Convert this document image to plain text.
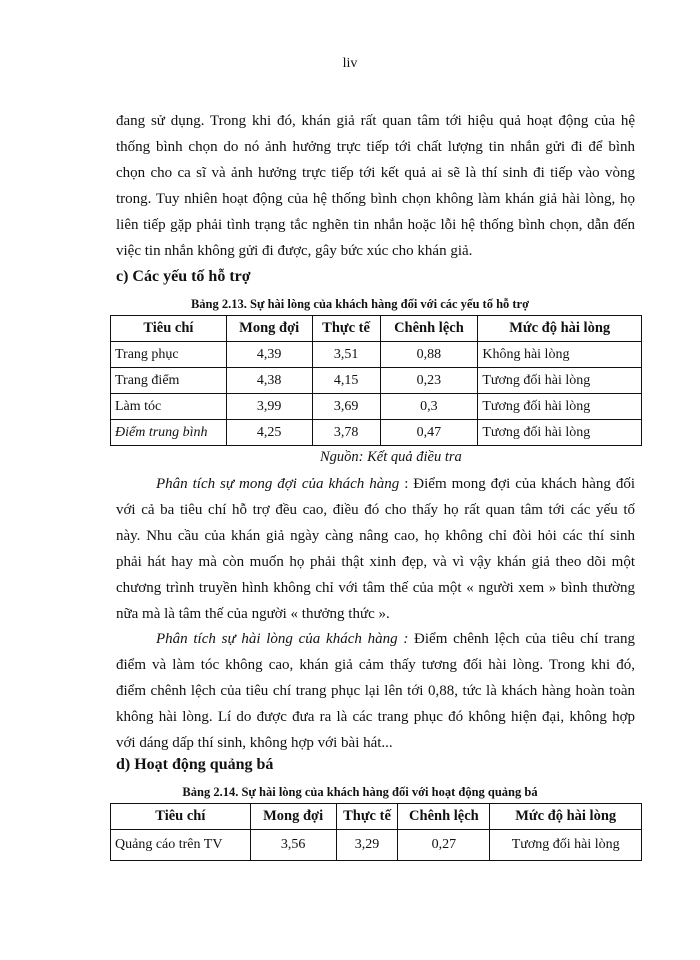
liv
đang sử dụng. Trong khi đó, khán giả rất quan tâm tới hiệu quả hoạt động của hệ
thống bình chọn do nó ảnh hưởng trực tiếp tới chất lượng tin nhắn gửi đi để bình
chọn cho ca sĩ và ảnh hưởng trực tiếp tới kết quả ai sẽ là thí sinh đi tiếp vào vòng
trong. Tuy nhiên hoạt động của hệ thống bình chọn không làm khán giả hài lòng, họ
liên tiếp gặp phải tình trạng tắc nghẽn tin nhắn hoặc lỗi hệ thống bình chọn, dẫn đến
việc tin nhắn không gửi đi được, gây bức xúc cho khán giả.
c) Các yếu tố hỗ trợ
Bảng 2.13. Sự hài lòng của khách hàng đối với các yếu tố hỗ trợ
Tiêu chí	Mong đợi	Thực tế	Chênh lệch	Mức độ hài lòng
Trang phục	4,39	3,51	0,88	Không hài lòng
Trang điểm	4,38	4,15	0,23	Tương đối hài lòng
Làm tóc	3,99	3,69	0,3	Tương đối hài lòng
Điểm trung bình	4,25	3,78	0,47	Tương đối hài lòng
Nguồn: Kết quả điều tra
Phân tích sự mong đợi của khách hàng : Điểm mong đợi của khách hàng đối
với cả ba tiêu chí hỗ trợ đều cao, điều đó cho thấy họ rất quan tâm tới các yếu tố
này. Nhu cầu của khán giả ngày càng nâng cao, họ không chỉ đòi hỏi các thí sinh
phải hát hay mà còn muốn họ phải thật xinh đẹp, và vì vậy khán giả theo dõi một
chương trình truyền hình không chỉ với tâm thế của một « người xem » bình thường
nữa mà là tâm thế của người « thưởng thức ».
Phân tích sự hài lòng của khách hàng : Điểm chênh lệch của tiêu chí trang
điểm và làm tóc không cao, khán giả cảm thấy tương đối hài lòng. Trong khi đó,
điểm chênh lệch của tiêu chí trang phục lại lên tới 0,88, tức là khách hàng hoàn toàn
không hài lòng. Lí do được đưa ra là các trang phục đó không hiện đại, không hợp
với dáng dấp thí sinh, không hợp với bài hát...
d) Hoạt động quảng bá
Bảng 2.14. Sự hài lòng của khách hàng đối với hoạt động quảng bá
Tiêu chí	Mong đợi	Thực tế	Chênh lệch	Mức độ hài lòng
Quảng cáo trên TV	3,56	3,29	0,27	Tương đối hài lòng
